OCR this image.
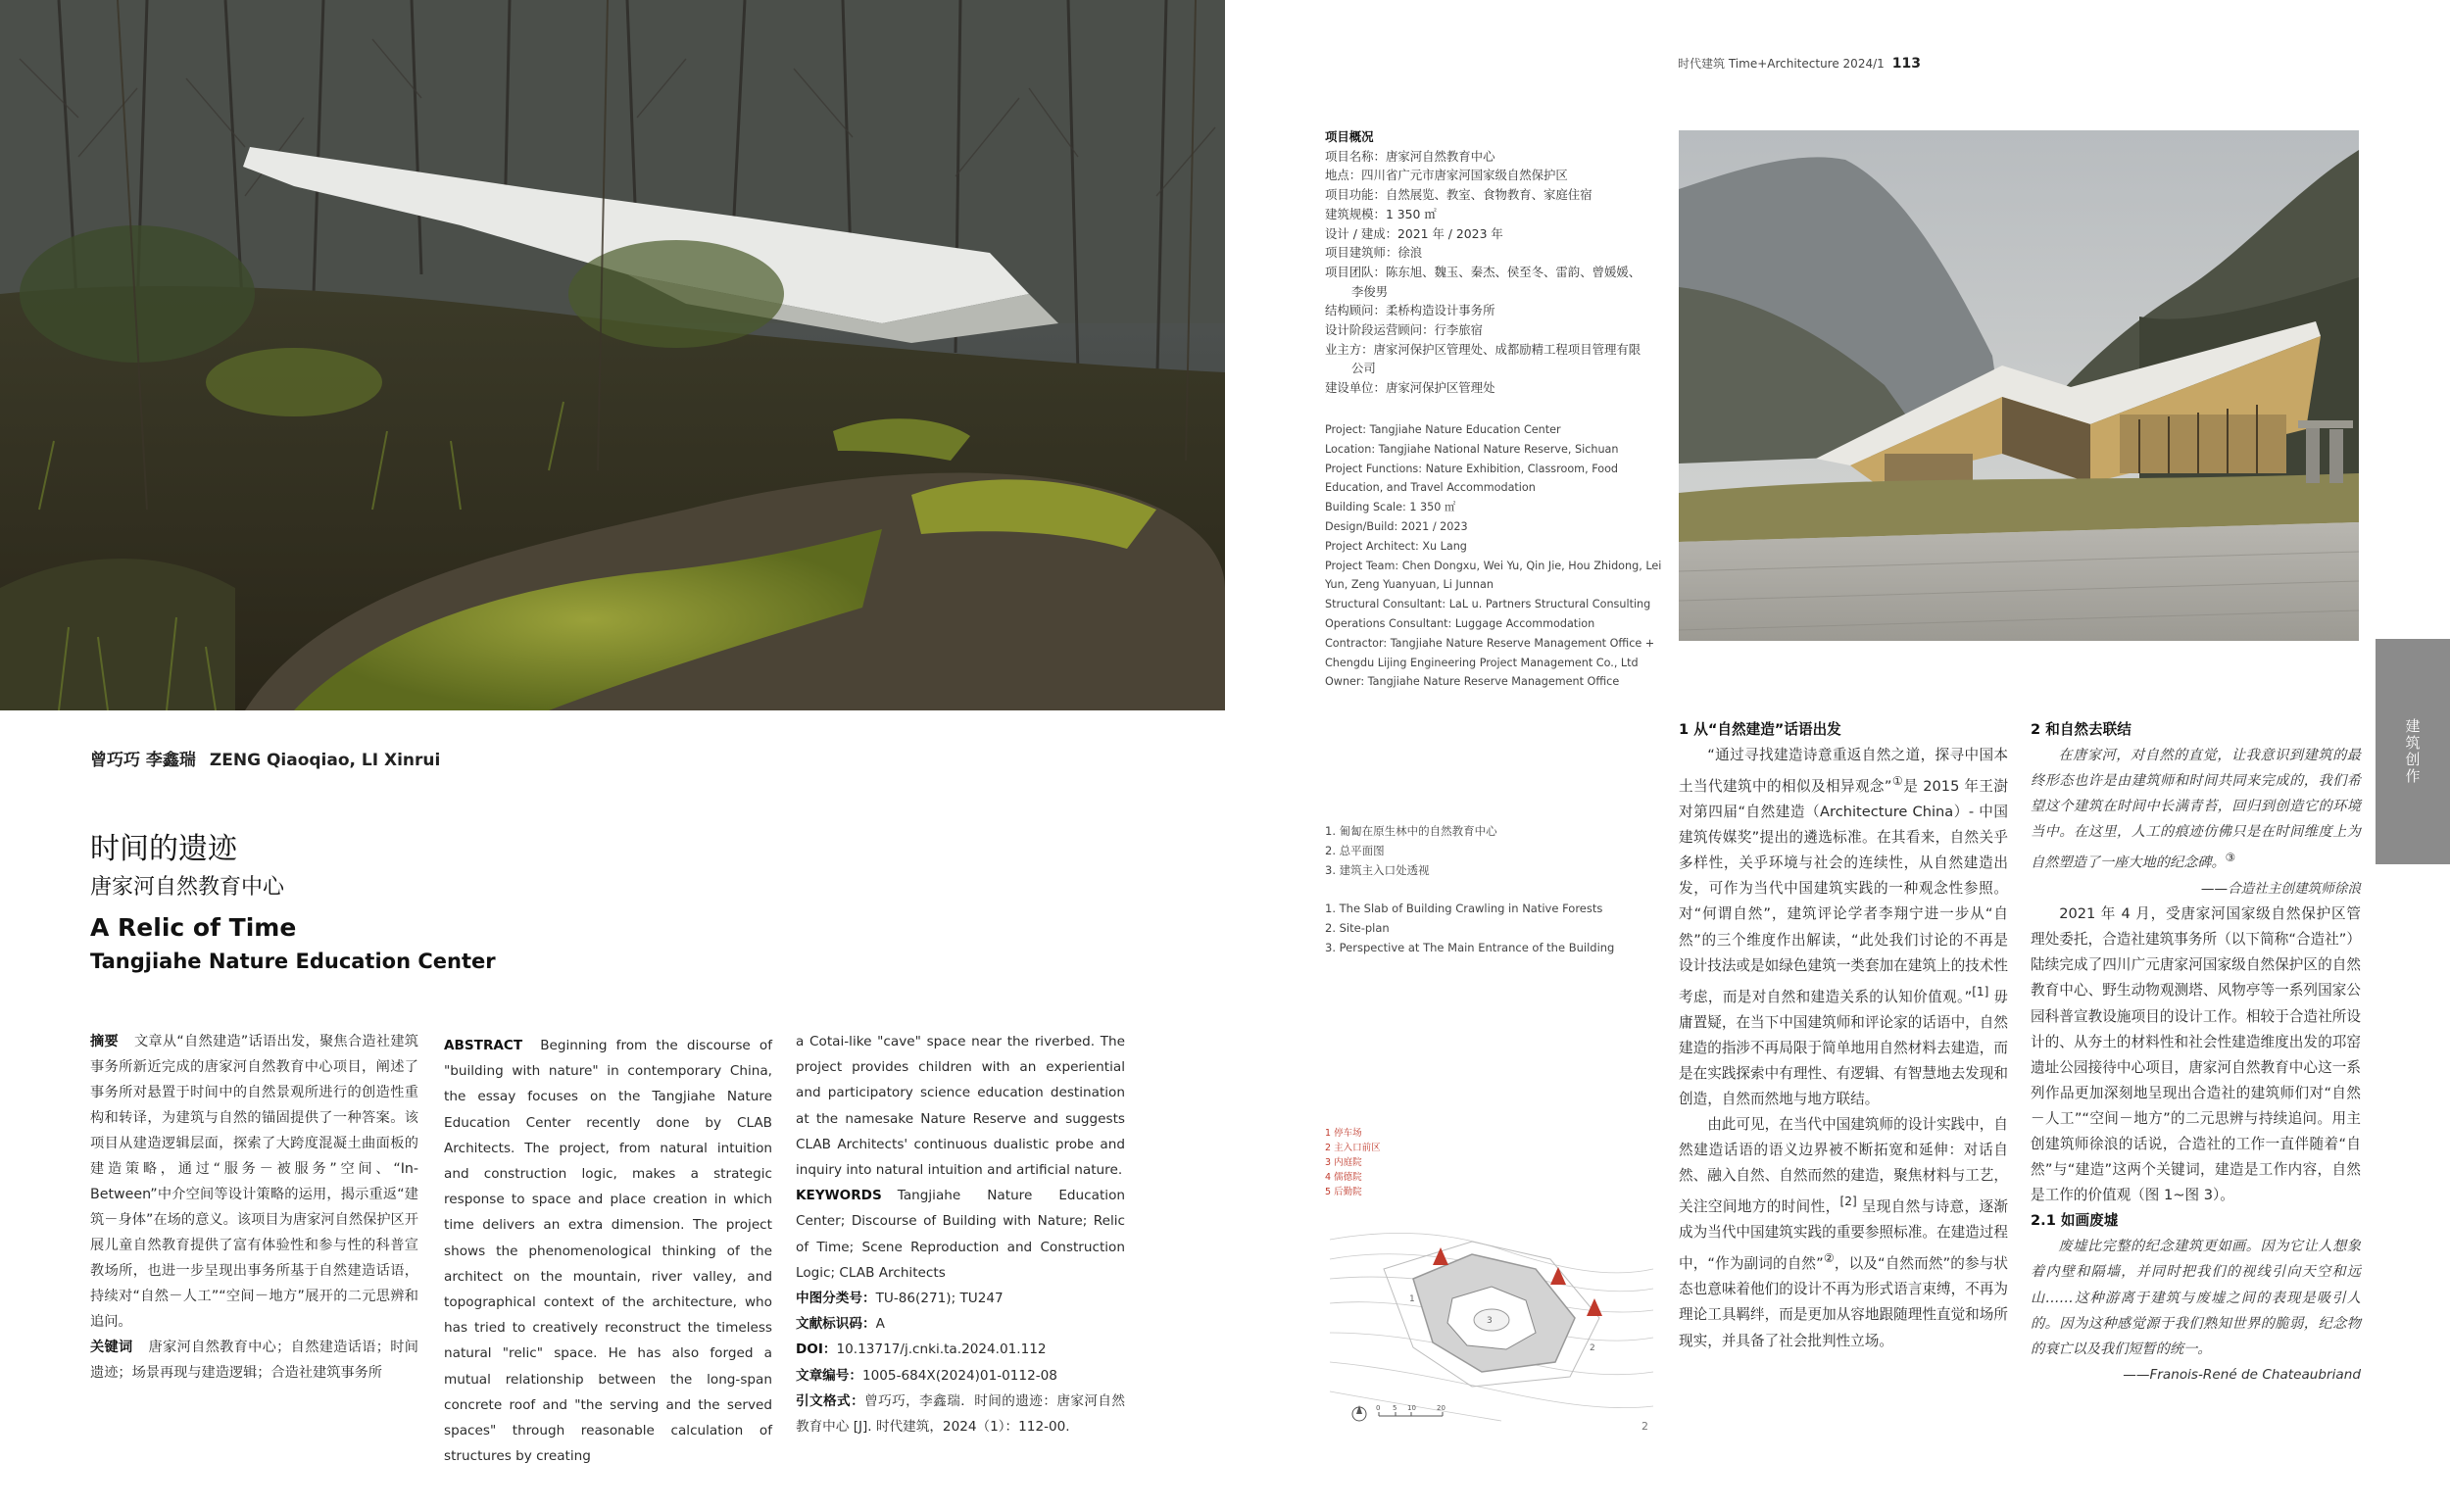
时代建筑 Time+Architecture 2024/1 113
建筑创作
曾巧巧 李鑫瑞 ZENG Qiaoqiao, LI Xinrui
时间的遗迹
唐家河自然教育中心
A Relic of Time
Tangjiahe Nature Education Center
摘要 文章从“自然建造”话语出发，聚焦合造社建筑事务所新近完成的唐家河自然教育中心项目，阐述了事务所对悬置于时间中的自然景观所进行的创造性重构和转译，为建筑与自然的锚固提供了一种答案。该项目从建造逻辑层面，探索了大跨度混凝土曲面板的建造策略，通过“服务－被服务”空间、“In-Between”中介空间等设计策略的运用，揭示重返“建筑－身体”在场的意义。该项目为唐家河自然保护区开展儿童自然教育提供了富有体验性和参与性的科普宣教场所，也进一步呈现出事务所基于自然建造话语，持续对“自然－人工”“空间－地方”展开的二元思辨和追问。
关键词 唐家河自然教育中心；自然建造话语；时间遗迹；场景再现与建造逻辑；合造社建筑事务所
ABSTRACT Beginning from the discourse of "building with nature" in contemporary China, the essay focuses on the Tangjiahe Nature Education Center recently done by CLAB Architects. The project, from natural intuition and construction logic, makes a strategic response to space and place creation in which time delivers an extra dimension. The project shows the phenomenological thinking of the architect on the mountain, river valley, and topographical context of the architecture, who has tried to creatively reconstruct the timeless natural "relic" space. He has also forged a mutual relationship between the long-span concrete roof and "the serving and the served spaces" through reasonable calculation of structures by creating
a Cotai-like "cave" space near the riverbed. The project provides children with an experiential and participatory science education destination at the namesake Nature Reserve and suggests CLAB Architects' continuous dualistic probe and inquiry into natural intuition and artificial nature.
KEYWORDS Tangjiahe Nature Education Center; Discourse of Building with Nature; Relic of Time; Scene Reproduction and Construction Logic; CLAB Architects
中图分类号：TU-86(271); TU247
文献标识码：A
DOI：10.13717/j.cnki.ta.2024.01.112
文章编号：1005-684X(2024)01-0112-08
引文格式：曾巧巧，李鑫瑞．时间的遗迹：唐家河自然教育中心 [J]. 时代建筑，2024（1）：112-00.
项目概况
项目名称：唐家河自然教育中心
地点：四川省广元市唐家河国家级自然保护区
项目功能：自然展览、教室、食物教育、家庭住宿
建筑规模：1 350 ㎡
设计 / 建成：2021 年 / 2023 年
项目建筑师：徐浪
项目团队：陈东旭、魏玉、秦杰、侯至冬、雷韵、曾媛媛、
李俊男
结构顾问：柔桥构造设计事务所
设计阶段运营顾问：行李旅宿
业主方：唐家河保护区管理处、成都励精工程项目管理有限
公司
建设单位：唐家河保护区管理处
Project: Tangjiahe Nature Education Center
Location: Tangjiahe National Nature Reserve, Sichuan
Project Functions: Nature Exhibition, Classroom, Food
Education, and Travel Accommodation
Building Scale: 1 350 ㎡
Design/Build: 2021 / 2023
Project Architect: Xu Lang
Project Team: Chen Dongxu, Wei Yu, Qin Jie, Hou Zhidong, Lei
Yun, Zeng Yuanyuan, Li Junnan
Structural Consultant: LaL u. Partners Structural Consulting
Operations Consultant: Luggage Accommodation
Contractor: Tangjiahe Nature Reserve Management Office +
Chengdu Lijing Engineering Project Management Co., Ltd
Owner: Tangjiahe Nature Reserve Management Office
1. 匍匐在原生林中的自然教育中心
2. 总平面图
3. 建筑主入口处透视
1. The Slab of Building Crawling in Native Forests
2. Site-plan
3. Perspective at The Main Entrance of the Building
1
2
3
0 5 10	20
1 停车场
2 主入口前区
3 内庭院
4 儒德院
5 后勤院
2
1 从“自然建造”话语出发

“通过寻找建造诗意重返自然之道，探寻中国本土当代建筑中的相似及相异观念”①是 2015 年王澍对第四届“自然建造（Architecture China）- 中国建筑传媒奖”提出的遴选标准。在其看来，自然关乎多样性，关乎环境与社会的连续性，从自然建造出发，可作为当代中国建筑实践的一种观念性参照。对“何谓自然”，建筑评论学者李翔宁进一步从“自然”的三个维度作出解读，“此处我们讨论的不再是设计技法或是如绿色建筑一类套加在建筑上的技术性考虑，而是对自然和建造关系的认知价值观。”[1] 毋庸置疑，在当下中国建筑师和评论家的话语中，自然建造的指涉不再局限于简单地用自然材料去建造，而是在实践探索中有理性、有逻辑、有智慧地去发现和创造，自然而然地与地方联结。

由此可见，在当代中国建筑师的设计实践中，自然建造话语的语义边界被不断拓宽和延伸：对话自然、融入自然、自然而然的建造，聚焦材料与工艺，关注空间地方的时间性，[2] 呈现自然与诗意，逐渐成为当代中国建筑实践的重要参照标准。在建造过程中，“作为副词的自然”②，以及“自然而然”的参与状态也意味着他们的设计不再为形式语言束缚，不再为理论工具羁绊，而是更加从容地跟随理性直觉和场所现实，并具备了社会批判性立场。

2 和自然去联结

在唐家河，对自然的直觉，让我意识到建筑的最终形态也许是由建筑师和时间共同来完成的，我们希望这个建筑在时间中长满青苔，回归到创造它的环境当中。在这里，人工的痕迹仿佛只是在时间维度上为自然塑造了一座大地的纪念碑。③

——合造社主创建筑师徐浪

2021 年 4 月，受唐家河国家级自然保护区管理处委托，合造社建筑事务所（以下简称“合造社”）陆续完成了四川广元唐家河国家级自然保护区的自然教育中心、野生动物观测塔、风物亭等一系列国家公园科普宣教设施项目的设计工作。相较于合造社所设计的、从夯土的材料性和社会性建造维度出发的邛窑遗址公园接待中心项目，唐家河自然教育中心这一系列作品更加深刻地呈现出合造社的建筑师们对“自然－人工”“空间－地方”的二元思辨与持续追问。用主创建筑师徐浪的话说，合造社的工作一直伴随着“自然”与“建造”这两个关键词，建造是工作内容，自然是工作的价值观（图 1~图 3）。

2.1 如画废墟

废墟比完整的纪念建筑更如画。因为它让人想象着内壁和隔墙，并同时把我们的视线引向天空和远山……这种游离于建筑与废墟之间的表现是吸引人的。因为这种感觉源于我们熟知世界的脆弱，纪念物的衰亡以及我们短暂的统一。

——Franois-René de Chateaubriand
